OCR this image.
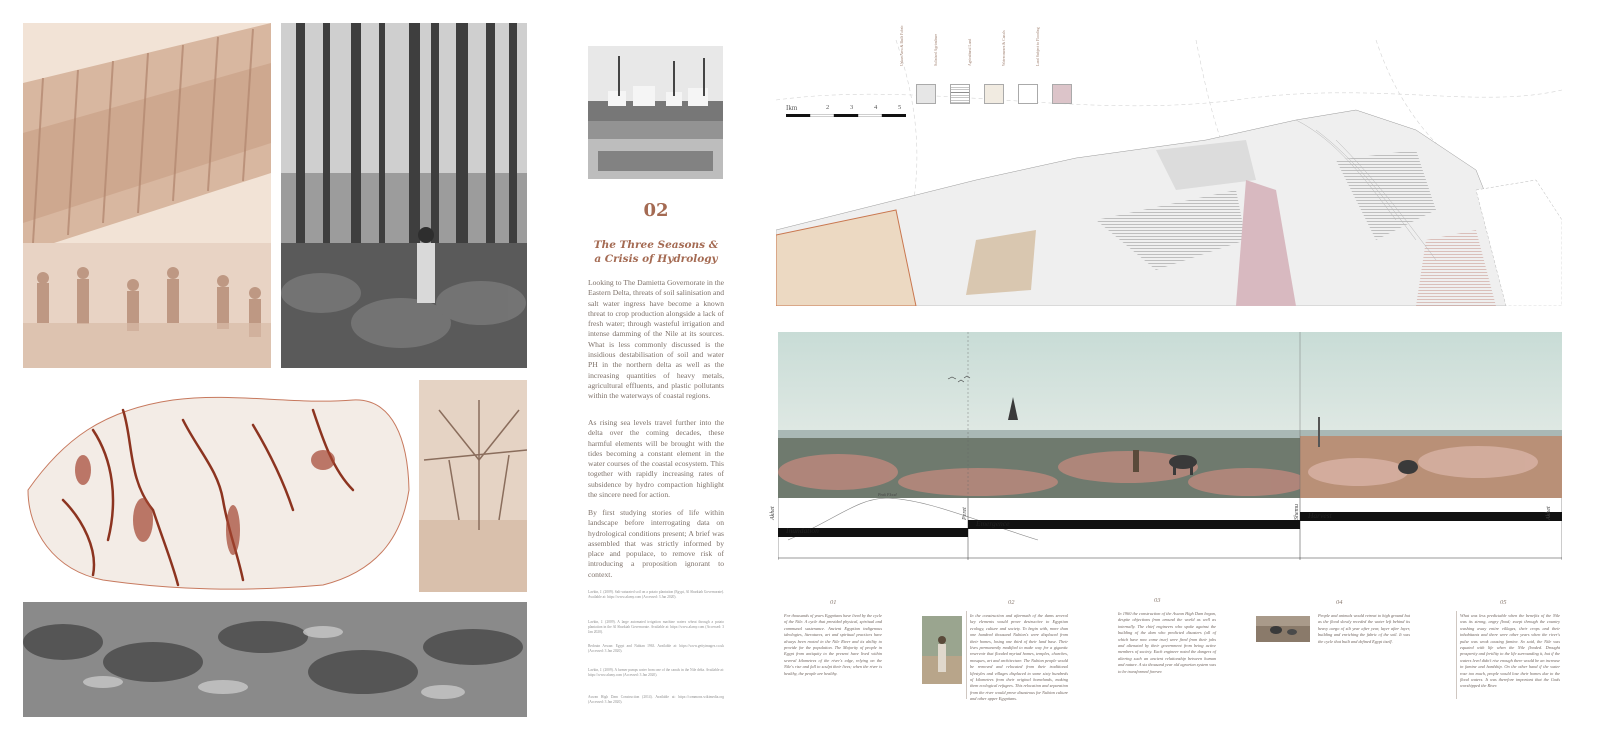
02
The Three Seasons &
a Crisis of Hydrology
Looking to The Damietta Governorate in the Eastern Delta, threats of soil salinisation and salt water ingress have become a known threat to crop production alongside a lack of fresh water; through wasteful irrigation and intense damming of the Nile at its sources. What is less commonly discussed is the insidious destabilisation of soil and water PH in the northern delta as well as the increasing quantities of heavy metals, agricultural effluents, and plastic pollutants within the waterways of coastal regions.
As rising sea levels travel further into the delta over the coming decades, these harmful elements will be brought with the tides becoming a constant element in the water courses of the coastal ecosystem. This together with rapidly increasing rates of subsidence by hydro compaction highlight the sincere need for action.
By first studying stories of life within landscape before interrogating data on hydrological conditions present; A brief was assembled that was strictly informed by place and populace, to remove risk of introducing a proposition ignorant to context.
Lavkin, J. (2009). Salt-saturated soil on a potato plantation (Egypt, Al Sharkiah Governorate). Available at: https://www.alamy.com (Accessed: 3 Jan 2020).
Lavkin, J. (2009). A large automated irrigation machine waters wheat through a potato plantation in the Al Sharkiah Governorate. Available at: https://www.alamy.com (Accessed: 3 Jan 2020).
Bedouin Aswan: Egypt and Nubian 1963. Available at: https://www.gettyimages.co.uk (Accessed: 3 Jan 2020).
Lavkin, J. (2009). A farmer pumps water from one of the canals in the Nile delta. Available at: https://www.alamy.com (Accessed: 3 Jan 2020).
Aswan High Dam Construction (2014). Available at: https://commons.wikimedia.org (Accessed: 3 Jan 2020).
Urban Area & Built Fabric	Salinised Agriculture	Agricultural Land	Watercourses & Canals	Land Subject to Flooding
Ikm	2	3	4	5
Inundation
Emergence
Harvest
Akhet	Peret	Shemu	Akhet
Peak Flood
01
For thousands of years Egyptians have lived by the cycle of the Nile. A cycle that provided physical, spiritual and communal sustenance. Ancient Egyptian indigenous ideologies, literatures, art and spiritual practices have always been rooted in the Nile River and its ability to provide for the population. The Majority of people in Egypt from antiquity to the present have lived within several kilometres of the river's edge, relying on the Nile's rise and fall to sculpt their lives; when the river is healthy, the people are healthy.
02
In the construction and aftermath of the dams several key elements would prove destructive to Egyptian ecology, culture and society. To begin with, more than one hundred thousand Nubian's were displaced from their homes, losing one third of their land base. Their lives permanently modified to make way for a gigantic reservoir that flooded myriad homes, temples, churches, mosques, art and architecture. The Nubian people would be removed and relocated from their traditional lifestyles and villages displaced to some sixty hundreds of kilometres from their original homelands, making them ecological refugees. This relocation and separation from the river would prove disastrous for Nubian culture and other upper Egyptians.
03
In 1960 the construction of the Aswan High Dam began, despite objections from around the world as well as internally. The chief engineers who spoke against the building of the dam who predicted disasters (all of which have now come true) were fired from their jobs and alienated by their government from being active members of society. Each engineer noted the dangers of altering such an ancient relationship between human and nature. A six thousand year old agrarian system was to be transformed forever.
04
People and animals would retreat to high ground but as the flood slowly receded the water left behind its heavy cargo of silt year after year, layer after layer, building and enriching the fabric of the soil. It was the cycle that built and defined Egypt itself.
05
What was less predictable when the benefits of the Nile was its strong, angry flood; swept through the country washing away entire villages, their crops and their inhabitants and there were other years when the river's pulse was weak causing famine. So said, the Nile was equated with life when the Nile flooded. Drought prosperity and fertility to the life surrounding it, but if the waters level didn't rise enough there would be an increase in famine and hardship. On the other hand if the water rose too much, people would lose their homes due to the flood waters. It was therefore important that the Gods worshipped the River.
